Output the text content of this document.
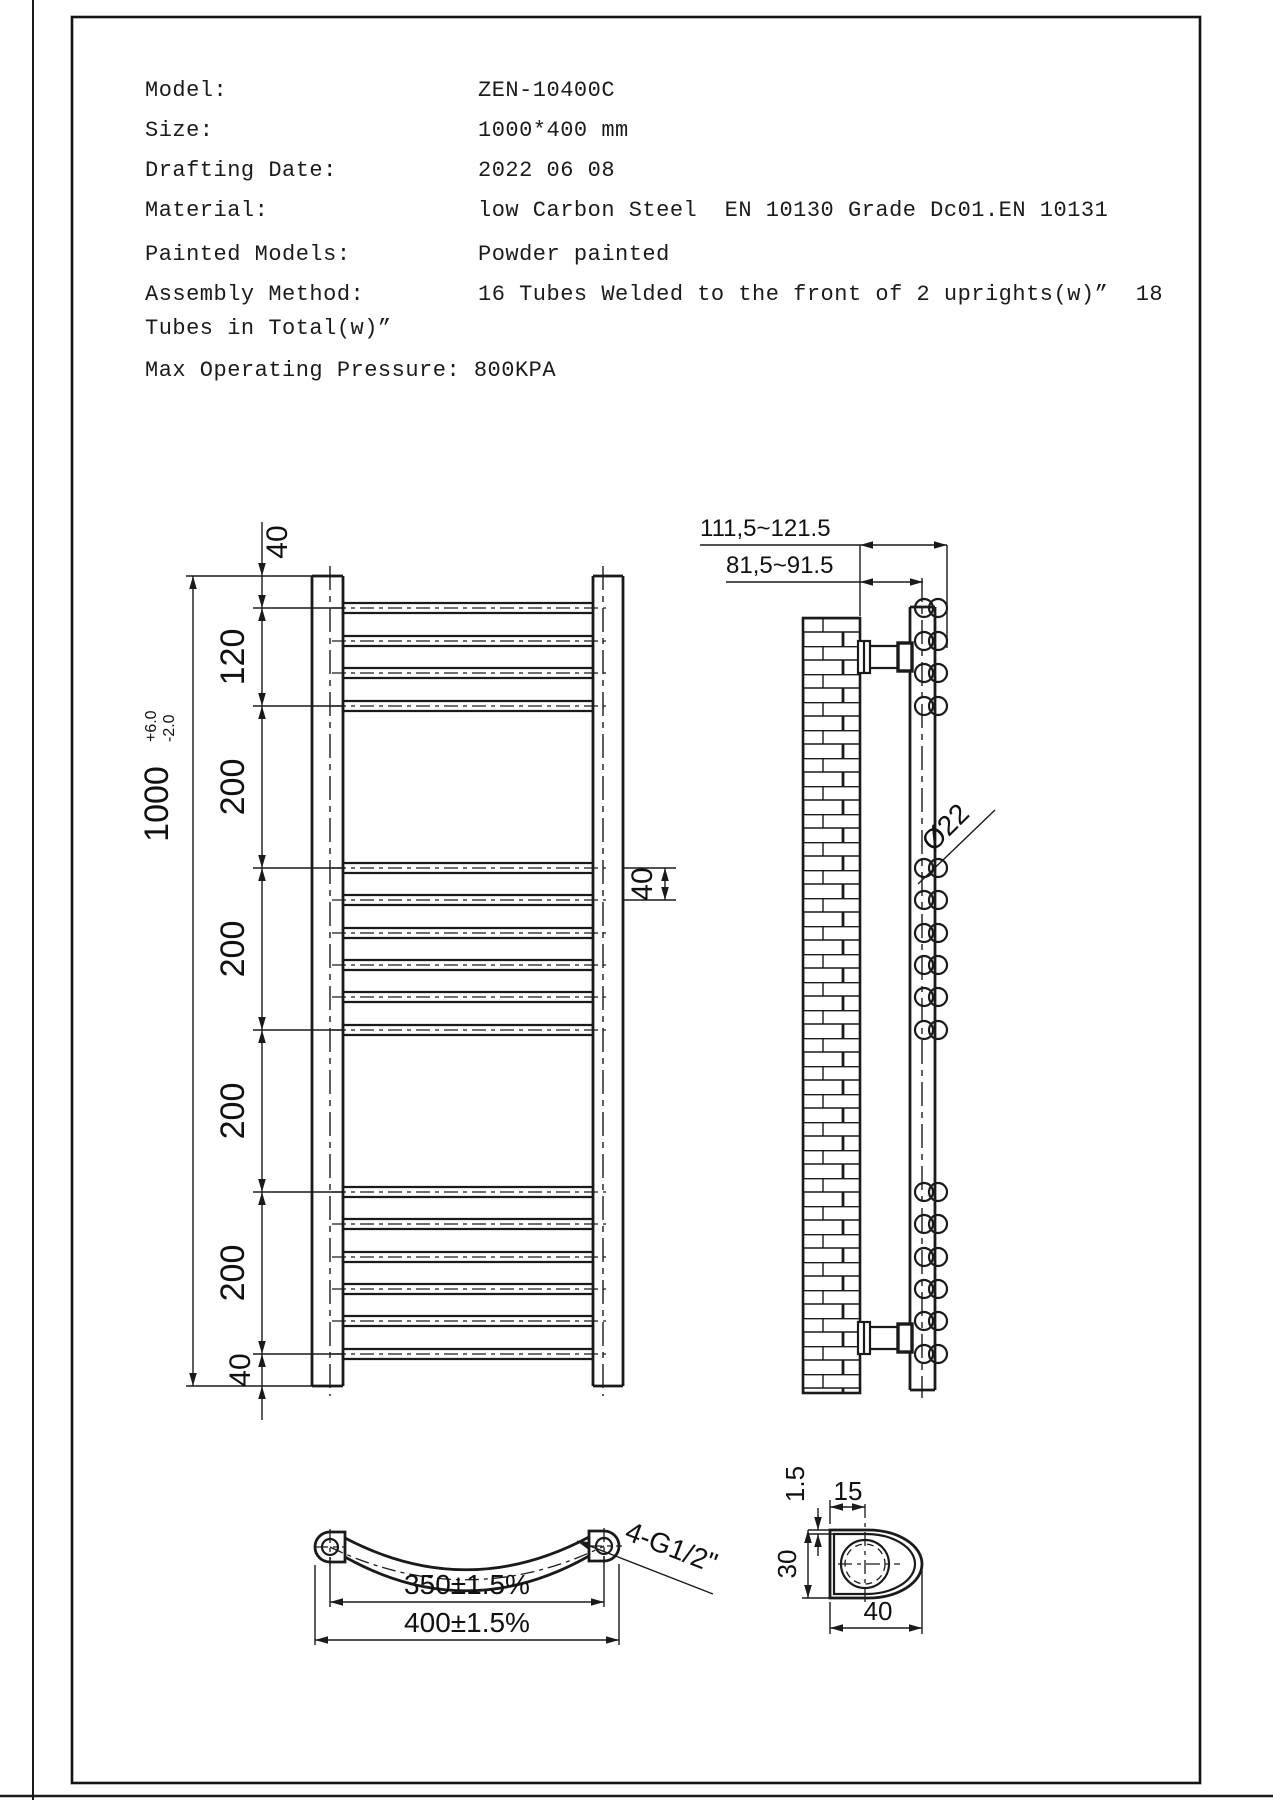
Model:	ZEN-10400C
Size:	1000*400 mm
Drafting Date:	2022 06 08
Material:	low Carbon Steel  EN 10130 Grade Dc01.EN 10131
Painted Models:	Powder painted
Assembly Method:	16 Tubes Welded to the front of 2 uprights(w)”  18
Tubes in Total(w)”
Max Operating Pressure: 800KPA
1000
+6.0 -2.0
40
120
200
200
200
200
40
40
111,5~121.5
81,5~91.5
Ø22
350±1.5%
400±1.5%
4-G1/2"
15
1.5
30
40
